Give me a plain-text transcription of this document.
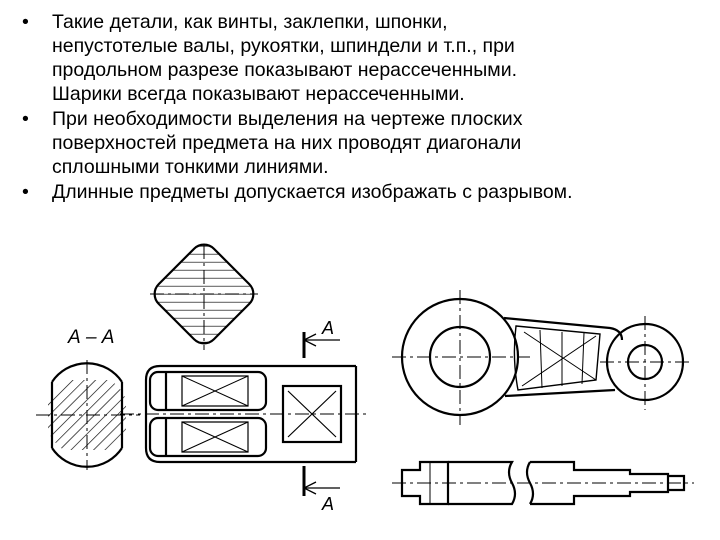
• Такие детали, как винты, заклепки, шпонки,
непустотелые валы, рукоятки, шпиндели и т.п., при
продольном разрезе показывают нерассеченными.
Шарики всегда показывают нерассеченными.
• При необходимости выделения на чертеже плоских
поверхностей предмета на них проводят диагонали
сплошными тонкими линиями.
• Длинные предметы допускается изображать с разрывом.
А – А	А
А
